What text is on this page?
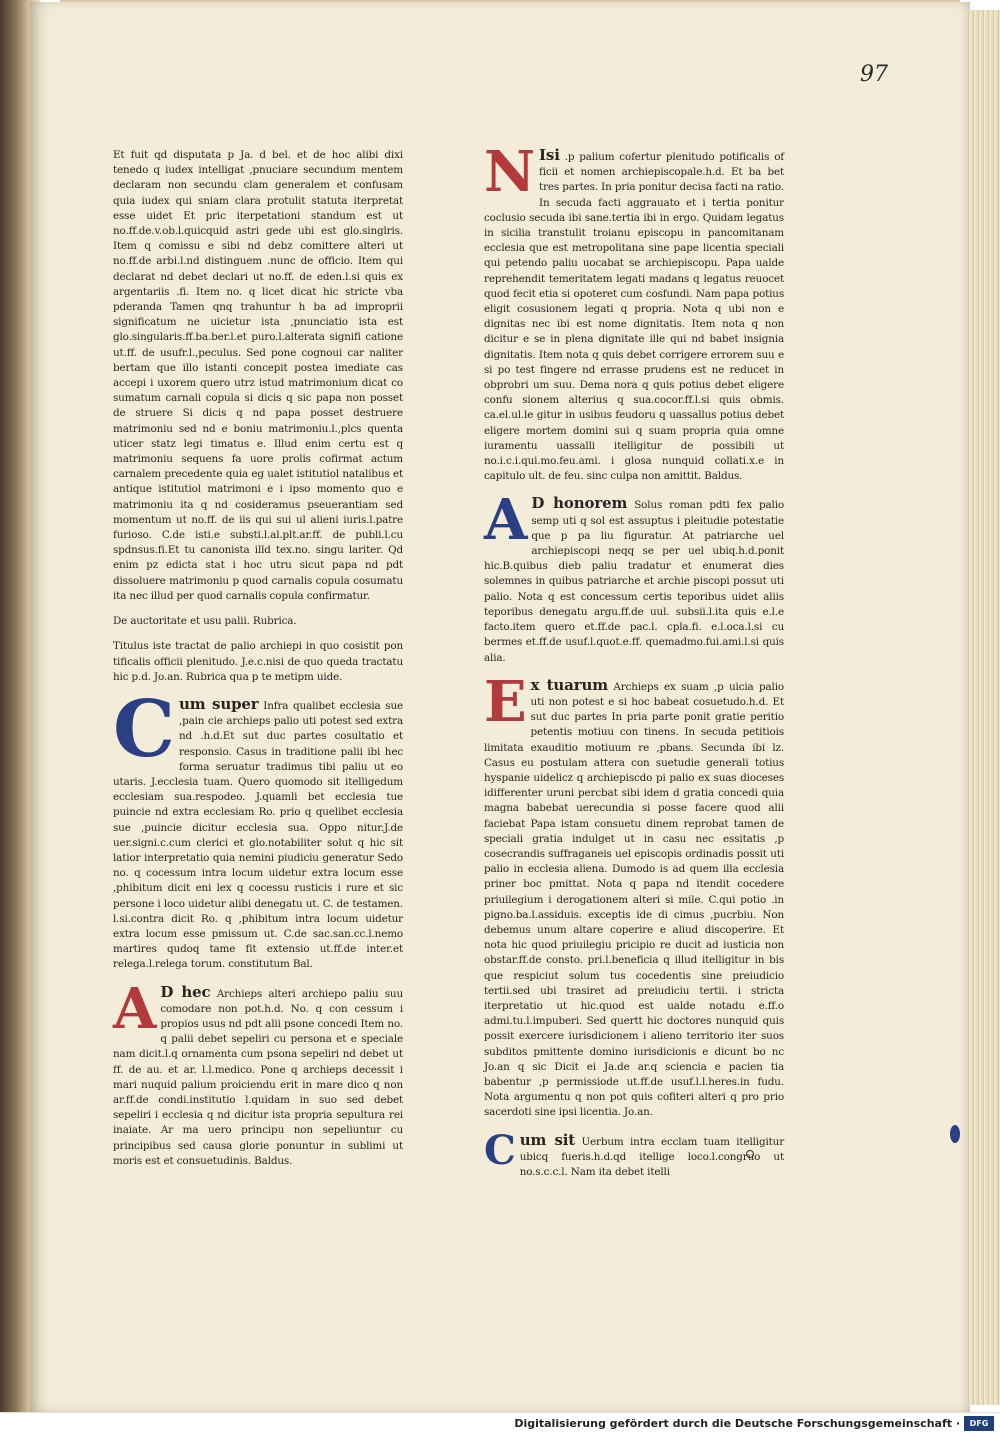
97

Et fuit qd disputata p Ja. d bel. et de hoc alibi dixi tenedo q iudex intelligat ,pnuciare secundum mentem declaram non secundu clam generalem et confusam quia iudex qui sniam clara protulit statuta iterpretat esse uidet Et pric iterpetationi standum est ut no.ff.de.v.ob.l.quicquid astri gede ubi est glo.singlris. Item q comissu e sibi nd debz comittere alteri ut no.ff.de arbi.l.nd distinguem .nunc de officio. Item qui declarat nd debet declari ut no.ff. de eden.l.si quis ex argentariis .fi. Item no. q licet dicat hic stricte vba pderanda Tamen qnq trahuntur h ba ad improprii significatum ne uicietur ista ,pnunciatio ista est glo.singularis.ff.ba.ber.l.et puro.l.alterata signifi catione ut.ff. de usufr.l.,peculus. Sed pone cognoui car naliter bertam que illo istanti concepit postea imediate cas accepi i uxorem quero utrz istud matrimonium dicat co sumatum carnali copula si dicis q sic papa non posset de struere Si dicis q nd papa posset destruere matrimoniu sed nd e boniu matrimoniu.l.,plcs quenta uticer statz legi timatus e. Illud enim certu est q matrimoniu sequens fa uore prolis cofirmat actum carnalem precedente quia eg ualet istitutiol natalibus et antique istitutiol matrimoni e i ipso momento quo e matrimoniu ita q nd cosideramus pseuerantiam sed momentum ut no.ff. de iis qui sui ul alieni iuris.l.patre furioso. C.de isti.e substi.l.al.plt.ar.ff. de publi.l.cu spdnsus.fi.Et tu canonista illd tex.no. singu lariter. Qd enim pz edicta stat i hoc utru sicut papa nd pdt dissoluere matrimoniu p quod carnalis copula cosumatu ita nec illud per quod carnalis copula confirmatur.

De auctoritate et usu palii. Rubrica.

Titulus iste tractat de palio archiepi in quo cosistit pon tificalis officii plenitudo. J.e.c.nisi de quo queda tractatu hic p.d. Jo.an. Rubrica qua p te metipm uide.

C um super Infra qualibet ecclesia sue ,pain cie archieps palio uti potest sed extra nd .h.d.Et sut duc partes cosultatio et responsio. Casus in traditione palii ibi hec forma seruatur tradimus tibi paliu ut eo utaris. J.ecclesia tuam. Quero quomodo sit itelligedum ecclesiam sua.respodeo. J.quamli bet ecclesia tue puincie nd extra ecclesiam Ro. prio q quelibet ecclesia sue ,puincie dicitur ecclesia sua. Oppo nitur.J.de uer.signi.c.cum clerici et glo.notabiliter solut q hic sit latior interpretatio quia nemini piudiciu generatur Sedo no. q cocessum intra locum uidetur extra locum esse ,phibitum dicit eni lex q cocessu rusticis i rure et sic persone i loco uidetur alibi denegatu ut. C. de testamen. l.si.contra dicit Ro. q ,phibitum intra locum uidetur extra locum esse pmissum ut. C.de sac.san.cc.l.nemo martires qudoq tame fit extensio ut.ff.de inter.et relega.l.relega torum. constitutum Bal.
A D hec Archieps alteri archiepo paliu suu comodare non pot.h.d. No. q con cessum i propios usus nd pdt alii psone concedi Item no. q palii debet sepeliri cu persona et e speciale nam dicit.l.q ornamenta cum psona sepeliri nd debet ut ff. de au. et ar. l.l.medico. Pone q archieps decessit i mari nuquid palium proiciendu erit in mare dico q non ar.ff.de condi.institutio l.quidam in suo sed debet sepeliri i ecclesia q nd dicitur ista propria sepultura rei inaiate. Ar ma uero principu non sepeliuntur cu principibus sed causa glorie ponuntur in sublimi ut moris est et consuetudinis. Baldus.
N Isi .p palium cofertur plenitudo potificalis of ficii et nomen archiepiscopale.h.d. Et ba bet tres partes. In pria ponitur decisa facti na ratio. In secuda facti aggrauato et i tertia ponitur coclusio secuda ibi sane.tertia ibi in ergo. Quidam legatus in sicilia transtulit troianu episcopu in pancomitanam ecclesia que est metropolitana sine pape licentia speciali qui petendo paliu uocabat se archiepiscopu. Papa ualde reprehendit temeritatem legati madans q legatus reuocet quod fecit etia si opoteret cum cosfundi. Nam papa potius eligit cosusionem legati q propria. Nota q ubi non e dignitas nec ibi est nome dignitatis. Item nota q non dicitur e se in plena dignitate ille qui nd babet insignia dignitatis. Item nota q quis debet corrigere errorem suu e si po test fingere nd errasse prudens est ne reducet in obprobri um suu. Dema nora q quis potius debet eligere confu sionem alterius q sua.cocor.ff.l.si quis obmis. ca.el.ul.le gitur in usibus feudoru q uassallus potius debet eligere mortem domini sui q suam propria quia omne iuramentu uassalli itelligitur de possibili ut no.i.c.i.qui.mo.feu.ami. i glosa nunquid collati.x.e in capitulo ult. de feu. sinc culpa non amittit. Baldus.
A D honorem Solus roman pdti fex palio semp uti q sol est assuptus i pleitudie potestatie que p pa liu figuratur. At patriarche uel archiepiscopi neqq se per uel ubiq.h.d.ponit hic.B.quibus dieb paliu tradatur et enumerat dies solemnes in quibus patriarche et archie piscopi possut uti palio. Nota q est concessum certis teporibus uidet aliis teporibus denegatu argu.ff.de uul. subsii.l.ita quis e.l.e facto.item quero et.ff.de pac.l. cpla.fi. e.l.oca.l.si cu bermes et.ff.de usuf.l.quot.e.ff. quemadmo.fui.ami.l.si quis alia.
E x tuarum Archieps ex suam ,p uicia palio uti non potest e si hoc babeat cosuetudo.h.d. Et sut duc partes In pria parte ponit gratie peritio petentis motiuu con tinens. In secuda petitiois limitata exauditio motiuum re ,pbans. Secunda ibi lz. Casus eu postulam attera con suetudie generali totius hyspanie uidelicz q archiepiscdo pi palio ex suas dioceses idifferenter uruni percbat sibi idem d gratia concedi quia magna babebat uerecundia si posse facere quod alii faciebat Papa istam consuetu dinem reprobat tamen de speciali gratia indulget ut in casu nec essitatis ,p cosecrandis suffraganeis uel episcopis ordinadis possit uti palio in ecclesia aliena. Dumodo is ad quem illa ecclesia priner boc pmittat. Nota q papa nd itendit cocedere priuilegium i derogationem alteri si mile. C.qui potio .in pigno.ba.l.assiduis. exceptis ide di cimus ,pucrbiu. Non debemus unum altare coperire e aliud discoperire. Et nota hic quod priuilegiu pricipio re ducit ad iusticia non obstar.ff.de consto. pri.l.beneficia q illud itelligitur in bis que respiciut solum tus cocedentis sine preiudicio tertii.sed ubi trasiret ad preiudiciu tertii. i stricta iterpretatio ut hic.quod est ualde notadu e.ff.o admi.tu.l.impuberi. Sed quertt hic doctores nunquid quis possit exercere iurisdicionem i alieno territorio iter suos subditos pmittente domino iurisdicionis e dicunt bo nc Jo.an q sic Dicit ei Ja.de ar.q sciencia e pacien tia babentur ,p permissiode ut.ff.de usuf.l.l.heres.in fudu. Nota argumentu q non pot quis cofiteri alteri q pro prio sacerdoti sine ipsi licentia. Jo.an.
C um sit Uerbum intra ecclam tuam itelligitur ubicq fueris.h.d.qd itellige loco.l.congruo ut no.s.c.c.l. Nam ita debet itelli
Digitalisierung gefördert durch die Deutsche Forschungsgemeinschaft ·	DFG
